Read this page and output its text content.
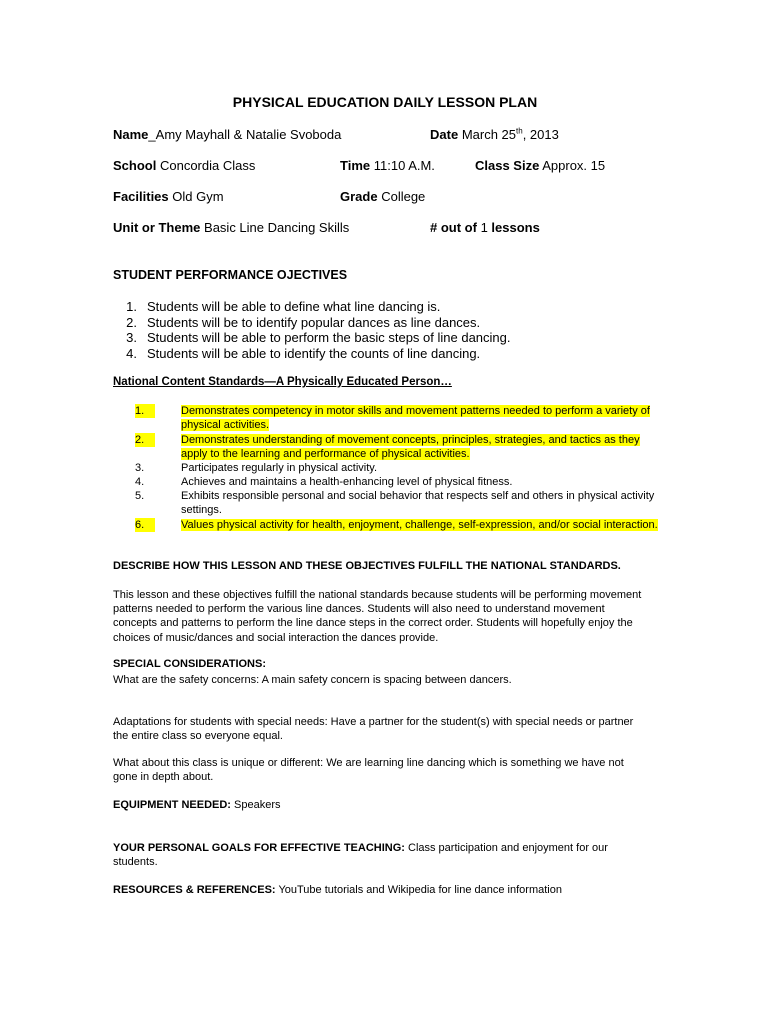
PHYSICAL EDUCATION DAILY LESSON PLAN
Name_Amy Mayhall & Natalie Svoboda	Date March 25th, 2013
School Concordia Class	Time 11:10 A.M.	Class Size Approx. 15
Facilities Old Gym	Grade College
Unit or Theme Basic Line Dancing Skills	# out of 1 lessons
STUDENT PERFORMANCE OJECTIVES
1. Students will be able to define what line dancing is.
2. Students will be to identify popular dances as line dances.
3. Students will be able to perform the basic steps of line dancing.
4. Students will be able to identify the counts of line dancing.
National Content Standards—A Physically Educated Person…
1.	Demonstrates competency in motor skills and movement patterns needed to perform a variety of physical activities.
2.	Demonstrates understanding of movement concepts, principles, strategies, and tactics as they apply to the learning and performance of physical activities.
3.	Participates regularly in physical activity.
4.	Achieves and maintains a health-enhancing level of physical fitness.
5.	Exhibits responsible personal and social behavior that respects self and others in physical activity settings.
6.	Values physical activity for health, enjoyment, challenge, self-expression, and/or social interaction.
DESCRIBE HOW THIS LESSON AND THESE OBJECTIVES FULFILL THE NATIONAL STANDARDS.
This lesson and these objectives fulfill the national standards because students will be performing movement patterns needed to perform the various line dances. Students will also need to understand movement concepts and patterns to perform the line dance steps in the correct order. Students will hopefully enjoy the choices of music/dances and social interaction the dances provide.
SPECIAL CONSIDERATIONS:
What are the safety concerns: A main safety concern is spacing between dancers.
Adaptations for students with special needs: Have a partner for the student(s) with special needs or partner the entire class so everyone equal.
What about this class is unique or different: We are learning line dancing which is something we have not gone in depth about.
EQUIPMENT NEEDED: Speakers
YOUR PERSONAL GOALS FOR EFFECTIVE TEACHING: Class participation and enjoyment for our students.
RESOURCES & REFERENCES: YouTube tutorials and Wikipedia for line dance information
